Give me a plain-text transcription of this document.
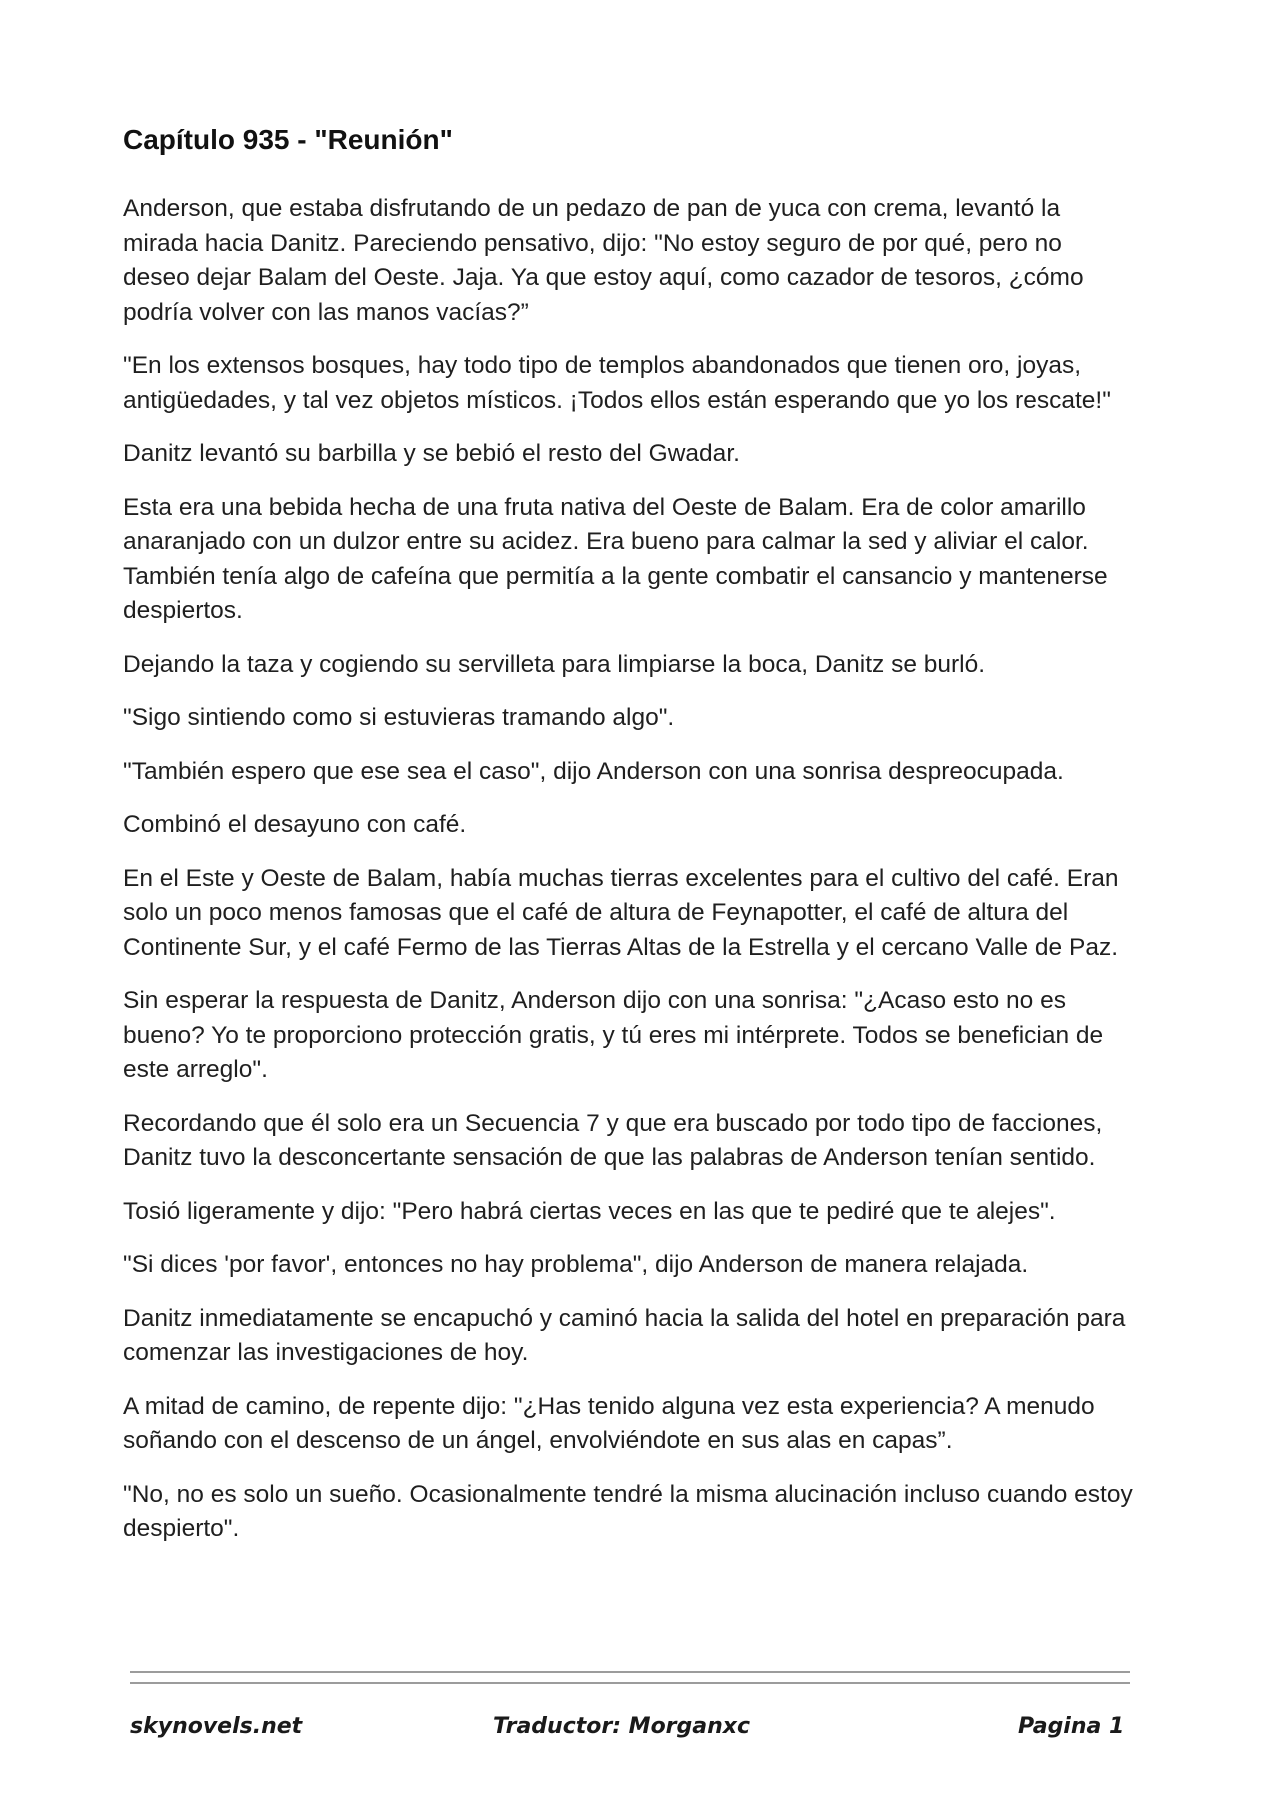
Capítulo 935 - "Reunión"

Anderson, que estaba disfrutando de un pedazo de pan de yuca con crema, levantó la mirada hacia Danitz. Pareciendo pensativo, dijo: "No estoy seguro de por qué, pero no deseo dejar Balam del Oeste. Jaja. Ya que estoy aquí, como cazador de tesoros, ¿cómo podría volver con las manos vacías?”

"En los extensos bosques, hay todo tipo de templos abandonados que tienen oro, joyas, antigüedades, y tal vez objetos místicos. ¡Todos ellos están esperando que yo los rescate!"

Danitz levantó su barbilla y se bebió el resto del Gwadar.

Esta era una bebida hecha de una fruta nativa del Oeste de Balam. Era de color amarillo anaranjado con un dulzor entre su acidez. Era bueno para calmar la sed y aliviar el calor. También tenía algo de cafeína que permitía a la gente combatir el cansancio y mantenerse despiertos.

Dejando la taza y cogiendo su servilleta para limpiarse la boca, Danitz se burló.

"Sigo sintiendo como si estuvieras tramando algo".

"También espero que ese sea el caso", dijo Anderson con una sonrisa despreocupada.

Combinó el desayuno con café.

En el Este y Oeste de Balam, había muchas tierras excelentes para el cultivo del café. Eran solo un poco menos famosas que el café de altura de Feynapotter, el café de altura del Continente Sur, y el café Fermo de las Tierras Altas de la Estrella y el cercano Valle de Paz.

Sin esperar la respuesta de Danitz, Anderson dijo con una sonrisa: "¿Acaso esto no es bueno? Yo te proporciono protección gratis, y tú eres mi intérprete. Todos se benefician de este arreglo".

Recordando que él solo era un Secuencia 7 y que era buscado por todo tipo de facciones, Danitz tuvo la desconcertante sensación de que las palabras de Anderson tenían sentido.

Tosió ligeramente y dijo: "Pero habrá ciertas veces en las que te pediré que te alejes".

"Si dices 'por favor', entonces no hay problema", dijo Anderson de manera relajada.

Danitz inmediatamente se encapuchó y caminó hacia la salida del hotel en preparación para comenzar las investigaciones de hoy.

A mitad de camino, de repente dijo: "¿Has tenido alguna vez esta experiencia? A menudo soñando con el descenso de un ángel, envolviéndote en sus alas en capas”.

"No, no es solo un sueño. Ocasionalmente tendré la misma alucinación incluso cuando estoy despierto".

skynovels.net	Traductor: Morganxc	Pagina 1
